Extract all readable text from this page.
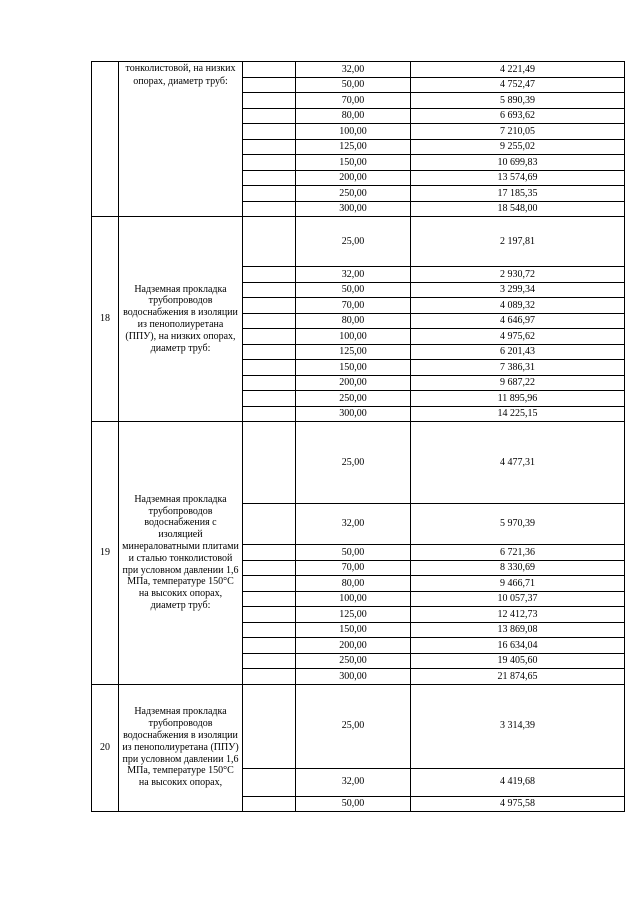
	тонколистовой, на низких опорах, диаметр труб:		32,00	4 221,49
			50,00	4 752,47
			70,00	5 890,39
			80,00	6 693,62
			100,00	7 210,05
			125,00	9 255,02
			150,00	10 699,83
			200,00	13 574,69
			250,00	17 185,35
			300,00	18 548,00
18	Надземная прокладка трубопроводов водоснабжения в изоляции из пенополиуретана (ППУ), на низких опорах, диаметр труб:		25,00	2 197,81
			32,00	2 930,72
			50,00	3 299,34
			70,00	4 089,32
			80,00	4 646,97
			100,00	4 975,62
			125,00	6 201,43
			150,00	7 386,31
			200,00	9 687,22
			250,00	11 895,96
			300,00	14 225,15
19	Надземная прокладка трубопроводов водоснабжения с изоляцией минераловатными плитами и сталью тонколистовой при условном давлении 1,6 МПа, температуре 150°С на высоких опорах, диаметр труб:		25,00	4 477,31
			32,00	5 970,39
			50,00	6 721,36
			70,00	8 330,69
			80,00	9 466,71
			100,00	10 057,37
			125,00	12 412,73
			150,00	13 869,08
			200,00	16 634,04
			250,00	19 405,60
			300,00	21 874,65
20	Надземная прокладка трубопроводов водоснабжения в изоляции из пенополиуретана (ППУ) при условном давлении 1,6 МПа, температуре 150°С на высоких опорах,		25,00	3 314,39
			32,00	4 419,68
			50,00	4 975,58
